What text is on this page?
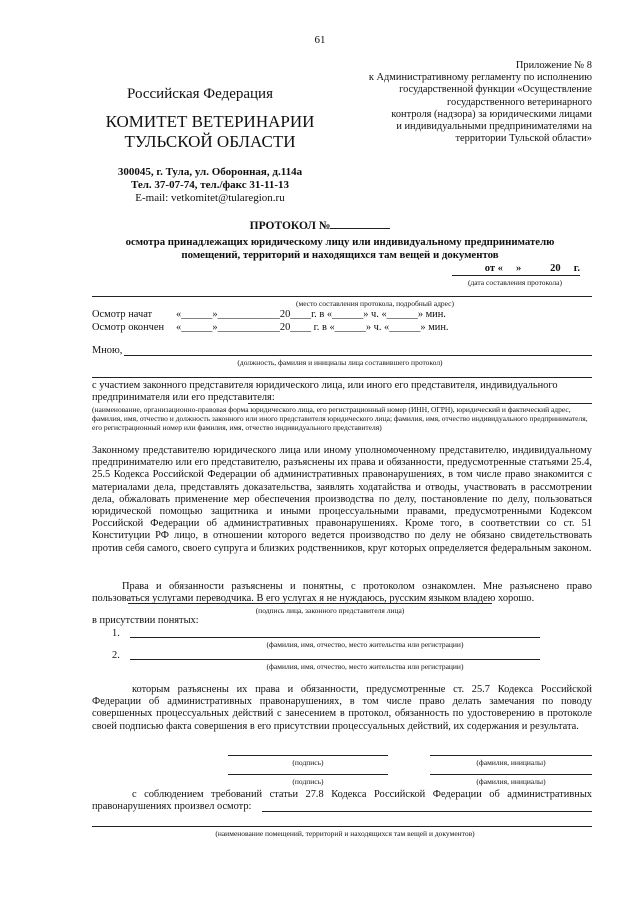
61
Приложение № 8
к Административному регламенту по исполнению
государственной функции «Осуществление
государственного ветеринарного
контроля (надзора) за юридическими лицами
и индивидуальными предпринимателями на
территории Тульской области»
Российская Федерация
КОМИТЕТ ВЕТЕРИНАРИИ
ТУЛЬСКОЙ ОБЛАСТИ
300045, г. Тула, ул. Оборонная, д.114а
Тел. 37-07-74, тел./факс 31-11-13
E-mail: vetkomitet@tularegion.ru
ПРОТОКОЛ №
осмотра принадлежащих юридическому лицу или индивидуальному предпринимателю
помещений, территорий и находящихся там вещей и документов
от «     »           20     г.
(дата составления протокола)
(место составления протокола, подробный адрес)
Осмотр начат	«______»____________20____г. в «______» ч. «______» мин.
Осмотр окончен	«______»____________20____ г. в «______» ч. «______» мин.
Мною,
(должность, фамилия и инициалы лица составившего протокол)
с участием законного представителя юридического лица, или иного его представителя, индивидуального предпринимателя или его представителя:
(наименование, организационно-правовая форма юридического лица, его регистрационный номер (ИНН, ОГРН), юридический и фактический адрес, фамилия, имя, отчество и должность законного или иного представителя юридического лица; фамилия, имя, отчество индивидуального предпринимателя, его регистрационный номер или фамилия, имя, отчество индивидуального представителя)
Законному представителю юридического лица или иному уполномоченному представителю, индивидуальному предпринимателю или его представителю, разъяснены их права и обязанности, предусмотренные статьями 25.4, 25.5 Кодекса Российской Федерации об административных правонарушениях, в том числе право знакомится с материалами дела, представлять доказательства, заявлять ходатайства и отводы, участвовать в рассмотрении дела, обжаловать применение мер обеспечения производства по делу, постановление по делу, пользоваться юридической помощью защитника и иными процессуальными правами, предусмотренными Кодексом Российской Федерации об административных правонарушениях. Кроме того, в соответствии со ст. 51 Конституции РФ лицо, в отношении которого ведется производство по делу не обязано свидетельствовать против себя самого, своего супруга и близких родственников, круг которых определяется федеральным законом.
Права и обязанности разъяснены и понятны, с протоколом ознакомлен. Мне разъяснено право пользоваться услугами переводчика. В его услугах я не нуждаюсь, русским языком владею хорошо.
(подпись лица, законного представителя лица)
в присутствии понятых:
1.
(фамилия, имя, отчество, место жительства или регистрации)
2.
(фамилия, имя, отчество, место жительства или регистрации)
которым разъяснены их права и обязанности, предусмотренные ст. 25.7 Кодекса Российской Федерации об административных правонарушениях, в том числе право делать замечания по поводу совершенных процессуальных действий с занесением в протокол, обязанность по удостоверению в протоколе своей подписью факта совершения в его присутствии процессуальных действий, их содержания и результата.
(подпись)	(фамилия, инициалы)
(подпись)	(фамилия, инициалы)
с соблюдением требований статьи 27.8 Кодекса Российской Федерации об административных правонарушениях произвел осмотр:
(наименование помещений, территорий и находящихся там вещей и документов)
